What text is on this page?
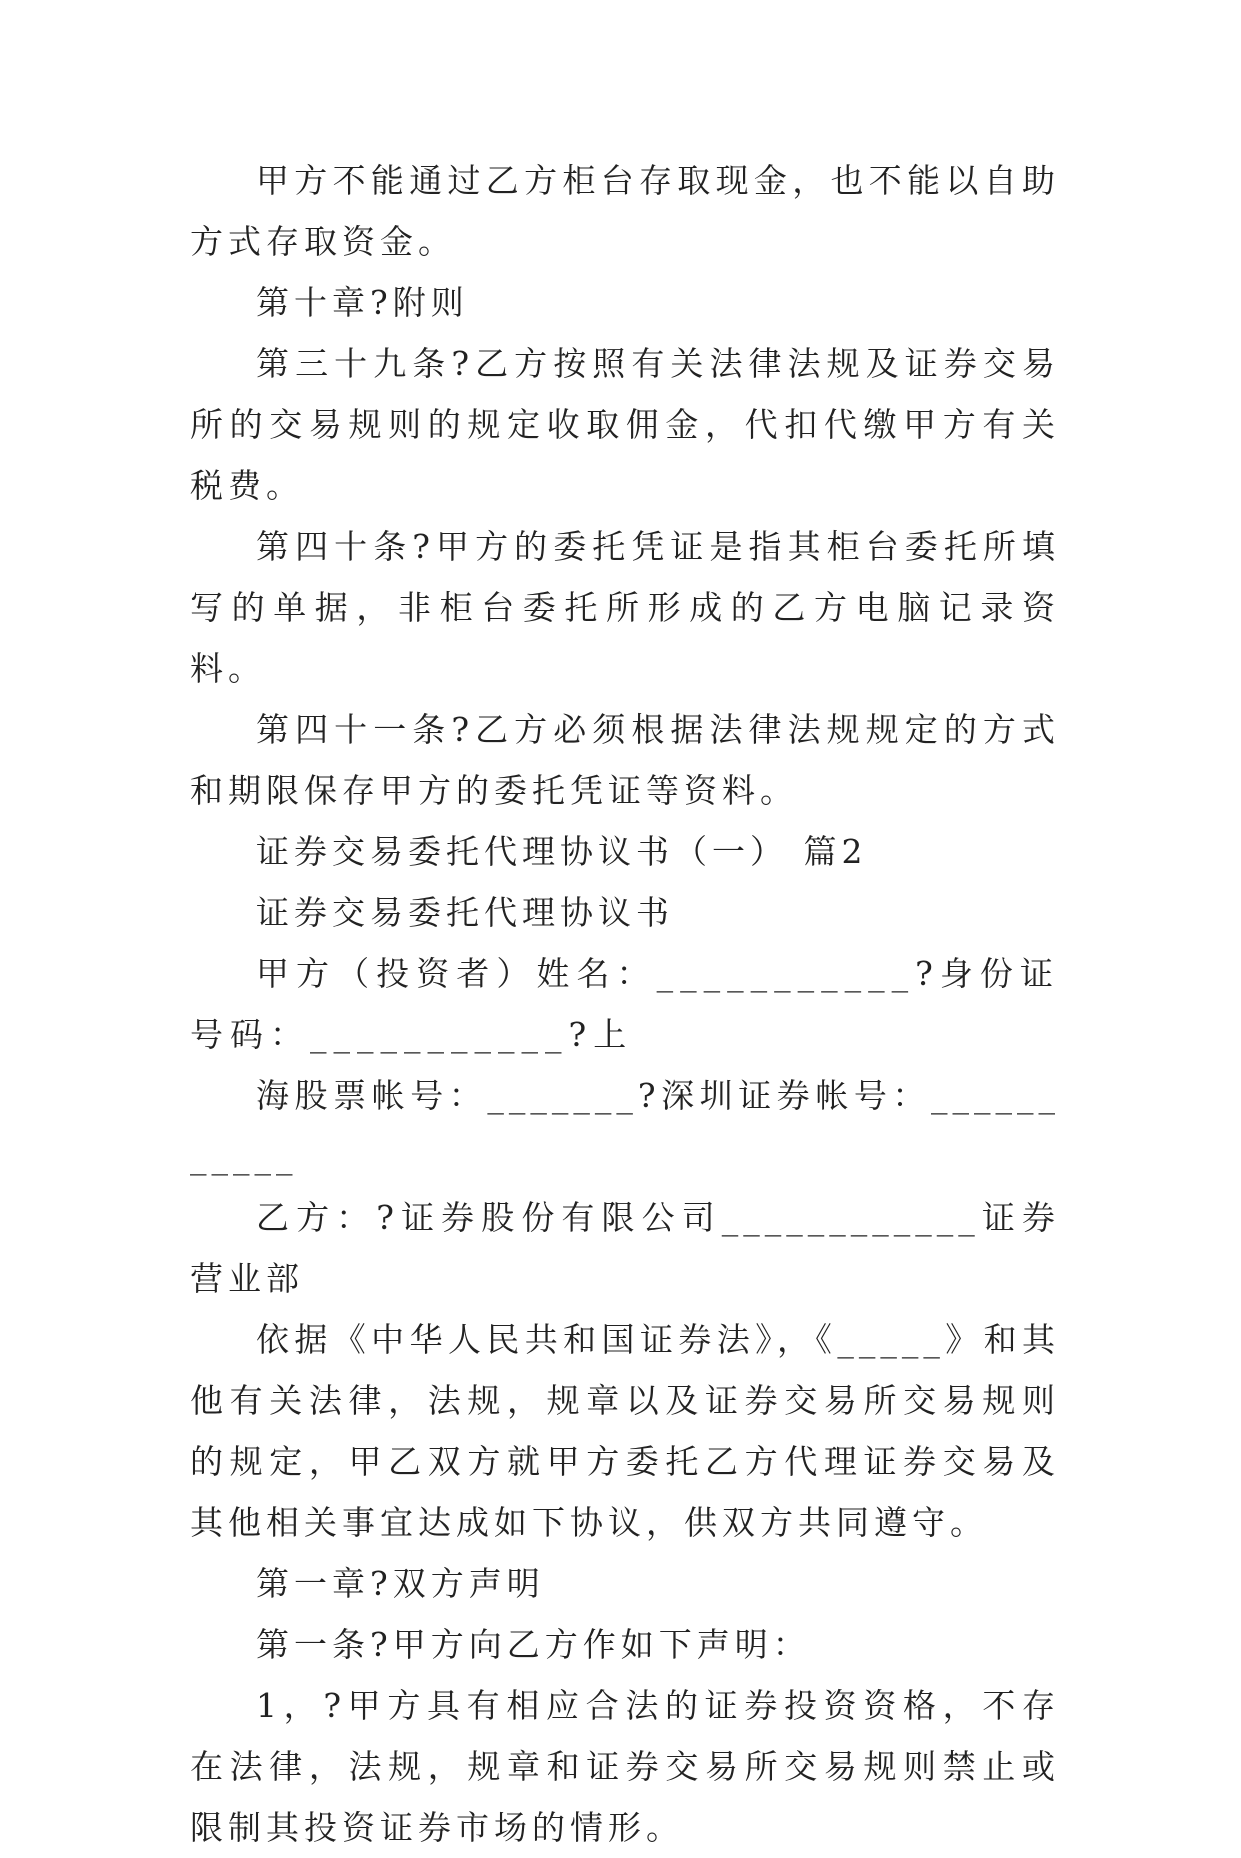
甲方不能通过乙方柜台存取现金，也不能以自助方式存取资金。

第十章?附则

第三十九条?乙方按照有关法律法规及证券交易所的交易规则的规定收取佣金，代扣代缴甲方有关税费。

第四十条?甲方的委托凭证是指其柜台委托所填写的单据，非柜台委托所形成的乙方电脑记录资料。

第四十一条?乙方必须根据法律法规规定的方式和期限保存甲方的委托凭证等资料。

证券交易委托代理协议书（一） 篇2

证券交易委托代理协议书

甲方（投资者）姓名：___________?身份证号码：___________?上

海股票帐号：_______?深圳证券帐号：___________

乙方：?证券股份有限公司____________证券营业部

依据《中华人民共和国证券法》，《_____》和其他有关法律，法规，规章以及证券交易所交易规则的规定，甲乙双方就甲方委托乙方代理证券交易及其他相关事宜达成如下协议，供双方共同遵守。

第一章?双方声明

第一条?甲方向乙方作如下声明：

1，?甲方具有相应合法的证券投资资格，不存在法律，法规，规章和证券交易所交易规则禁止或限制其投资证券市场的情形。
